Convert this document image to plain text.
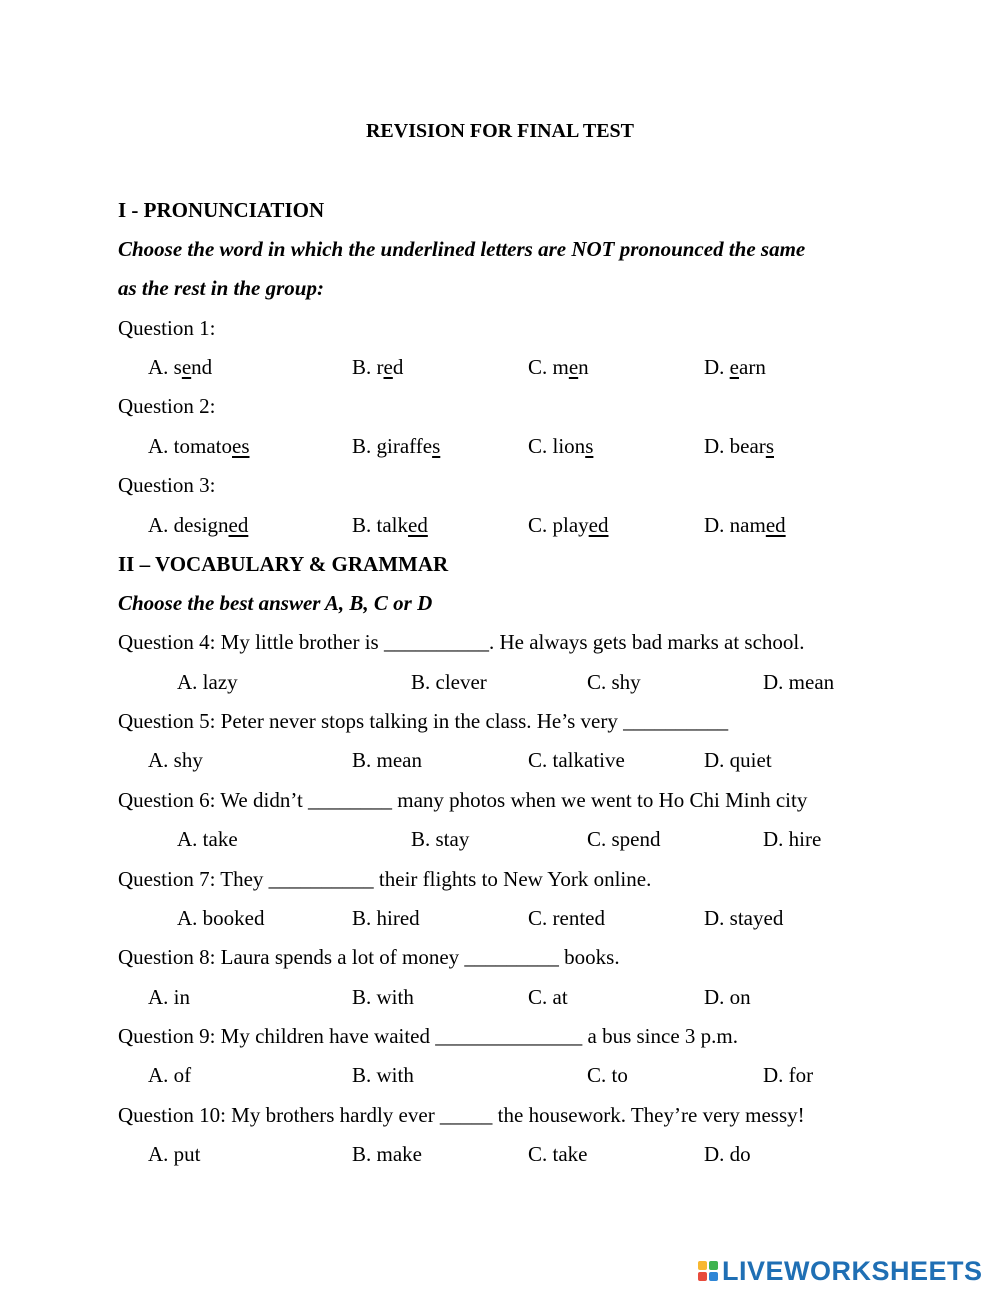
REVISION FOR FINAL TEST
I - PRONUNCIATION
Choose the word in which the underlined letters are NOT pronounced the same
as the rest in the group:
Question 1:
A. send	B. red	C. men	D. earn
Question 2:
A. tomatoes	B. giraffes	C. lions	D. bears
Question 3:
A. designed	B. talked	C. played	D. named
II – VOCABULARY & GRAMMAR
Choose the best answer A, B, C or D
Question 4: My little brother is __________. He always gets bad marks at school.
A. lazy	B. clever	C. shy	D. mean
Question 5: Peter never stops talking in the class. He’s very __________
A. shy	B. mean	C. talkative	D. quiet
Question 6: We didn’t ________ many photos when we went to Ho Chi Minh city
A. take	B. stay	C. spend	D. hire
Question 7: They __________ their flights to New York online.
A. booked	B. hired	C. rented	D. stayed
Question 8: Laura spends a lot of money _________ books.
A. in	B. with	C. at	D. on
Question 9: My children have waited ______________ a bus since 3 p.m.
A. of	B. with	C. to	D. for
Question 10: My brothers hardly ever _____ the housework. They’re very messy!
A. put	B. make	C. take	D. do
LIVEWORKSHEETS
